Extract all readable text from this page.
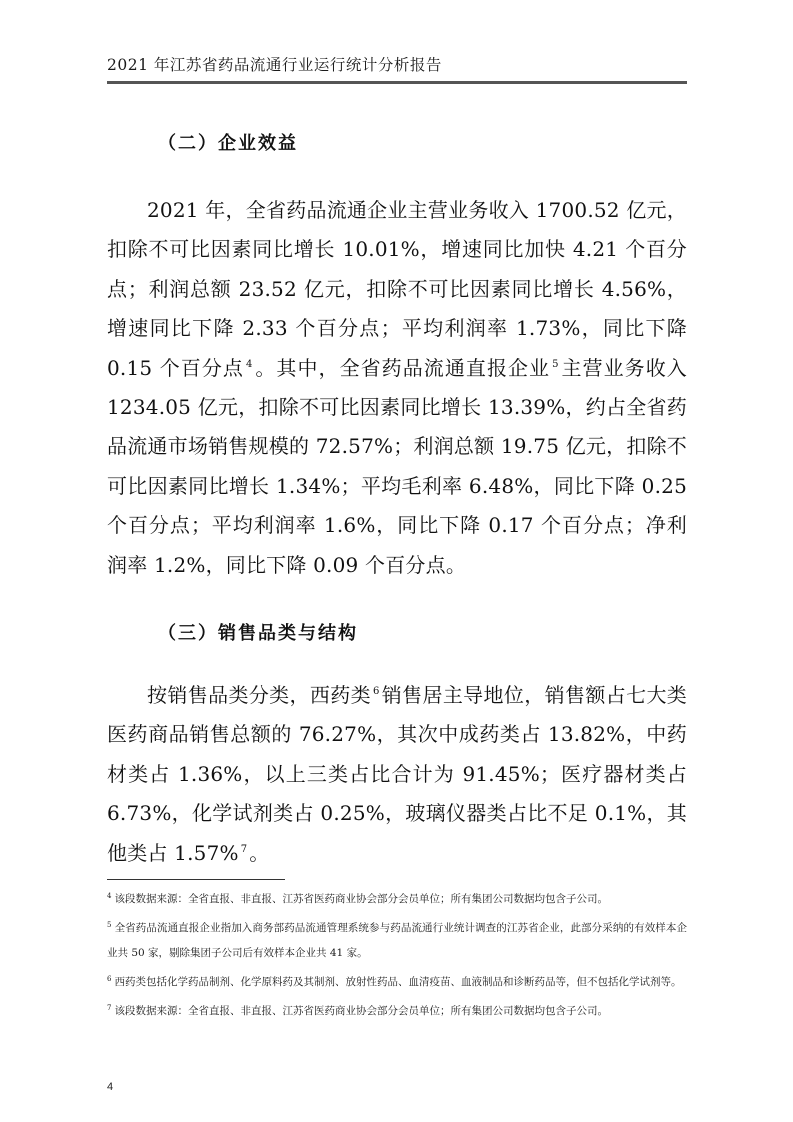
2021 年江苏省药品流通行业运行统计分析报告
（二）企业效益

2021 年，全省药品流通企业主营业务收入 1700.52 亿元，扣除不可比因素同比增长 10.01%，增速同比加快 4.21 个百分点；利润总额 23.52 亿元，扣除不可比因素同比增长 4.56%，增速同比下降 2.33 个百分点；平均利润率 1.73%，同比下降 0.15 个百分点 $^4$ 。其中，全省药品流通直报企业 $^5$ 主营业务收入 1234.05 亿元，扣除不可比因素同比增长 13.39%，约占全省药品流通市场销售规模的 72.57%；利润总额 19.75 亿元，扣除不可比因素同比增长 1.34%；平均毛利率 6.48%，同比下降 0.25 个百分点；平均利润率 1.6%，同比下降 0.17 个百分点；净利润率 1.2%，同比下降 0.09 个百分点。

（三）销售品类与结构

按销售品类分类，西药类 $^6$ 销售居主导地位，销售额占七大类医药商品销售总额的 76.27%，其次中成药类占 13.82%，中药材类占 1.36%，以上三类占比合计为 91.45%；医疗器材类占 6.73%，化学试剂类占 0.25%，玻璃仪器类占比不足 0.1%，其他类占 1.57% $^7$ 。

$^4$ 该段数据来源：全省直报、非直报、江苏省医药商业协会部分会员单位；所有集团公司数据均包含子公司。

$^5$ 全省药品流通直报企业指加入商务部药品流通管理系统参与药品流通行业统计调查的江苏省企业，此部分采纳的有效样本企业共 50 家，剔除集团子公司后有效样本企业共 41 家。

$^6$ 西药类包括化学药品制剂、化学原料药及其制剂、放射性药品、血清疫苗、血液制品和诊断药品等，但不包括化学试剂等。

$^7$ 该段数据来源：全省直报、非直报、江苏省医药商业协会部分会员单位；所有集团公司数据均包含子公司。

4
